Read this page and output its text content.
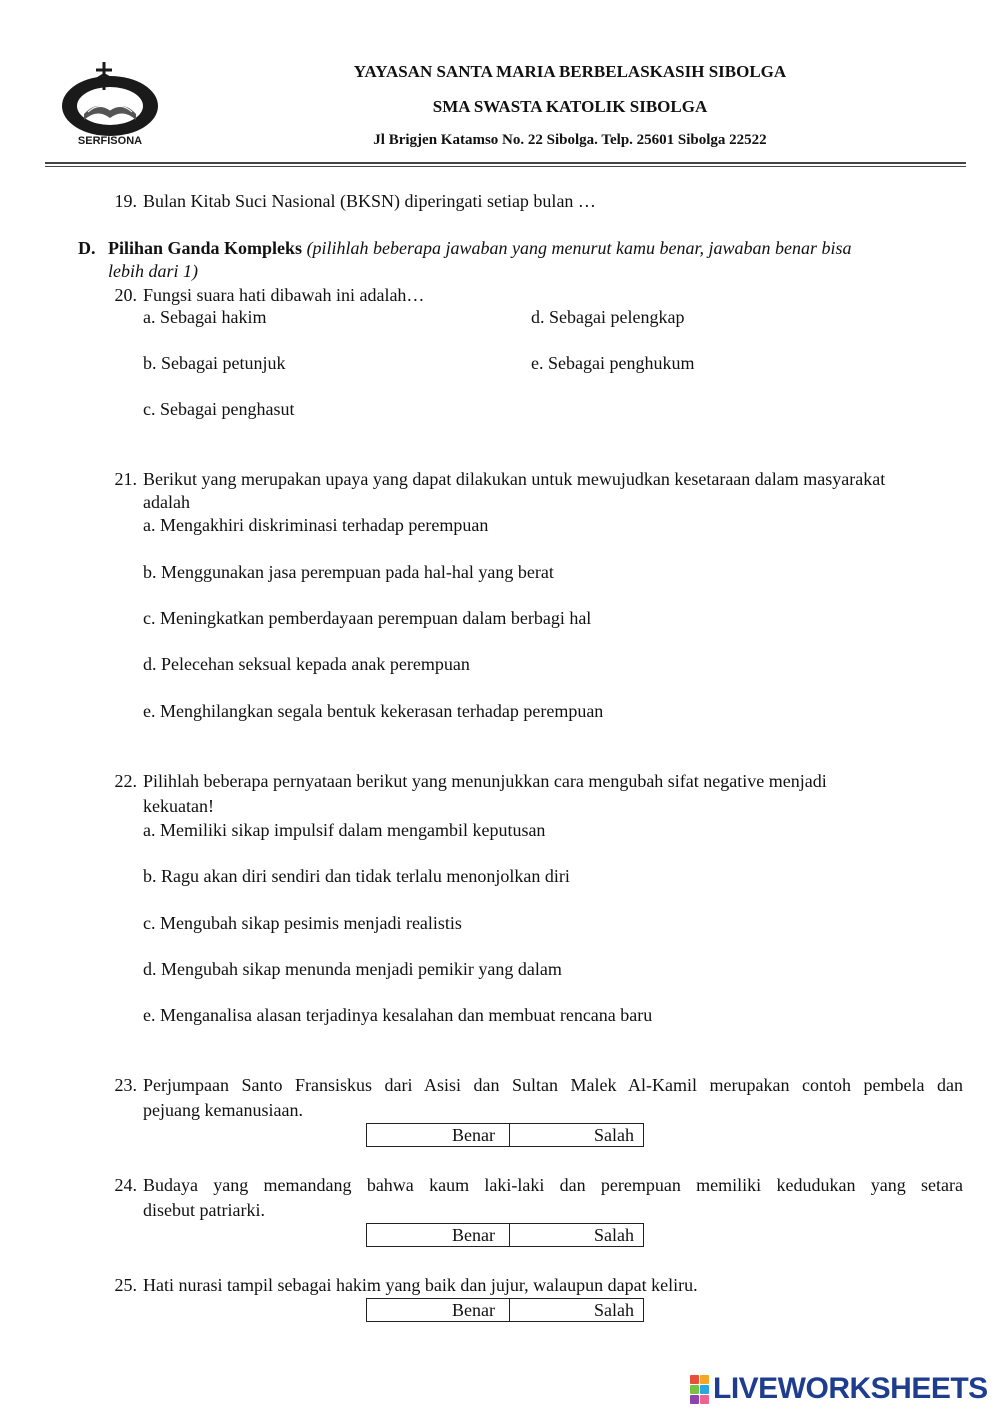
SERFISONA
YAYASAN SANTA MARIA BERBELASKASIH SIBOLGA
SMA SWASTA KATOLIK SIBOLGA
Jl Brigjen Katamso No. 22 Sibolga. Telp. 25601 Sibolga 22522
19. Bulan Kitab Suci Nasional (BKSN) diperingati setiap bulan …
D. Pilihan Ganda Kompleks (pilihlah beberapa jawaban yang menurut kamu benar, jawaban benar bisa
lebih dari 1)
20. Fungsi suara hati dibawah ini adalah…
a. Sebagai hakim
b. Sebagai petunjuk
c. Sebagai penghasut
d. Sebagai pelengkap
e. Sebagai penghukum
21. Berikut yang merupakan upaya yang dapat dilakukan untuk mewujudkan kesetaraan dalam masyarakat
adalah
a. Mengakhiri diskriminasi terhadap perempuan
b. Menggunakan jasa perempuan pada hal-hal yang berat
c. Meningkatkan pemberdayaan perempuan dalam berbagi hal
d. Pelecehan seksual kepada anak perempuan
e. Menghilangkan segala bentuk kekerasan terhadap perempuan
22. Pilihlah beberapa pernyataan berikut yang menunjukkan cara mengubah sifat negative menjadi
kekuatan!
a. Memiliki sikap impulsif dalam mengambil keputusan
b. Ragu akan diri sendiri dan tidak terlalu menonjolkan diri
c. Mengubah sikap pesimis menjadi realistis
d. Mengubah sikap menunda menjadi pemikir yang dalam
e. Menganalisa alasan terjadinya kesalahan dan membuat rencana baru
23. Perjumpaan Santo Fransiskus dari Asisi dan Sultan Malek Al-Kamil merupakan contoh pembela dan
pejuang kemanusiaan.
Benar	Salah
24. Budaya yang memandang bahwa kaum laki-laki dan perempuan memiliki kedudukan yang setara
disebut patriarki.
Benar	Salah
25. Hati nurasi tampil sebagai hakim yang baik dan jujur, walaupun dapat keliru.
Benar	Salah
LIVEWORKSHEETS
